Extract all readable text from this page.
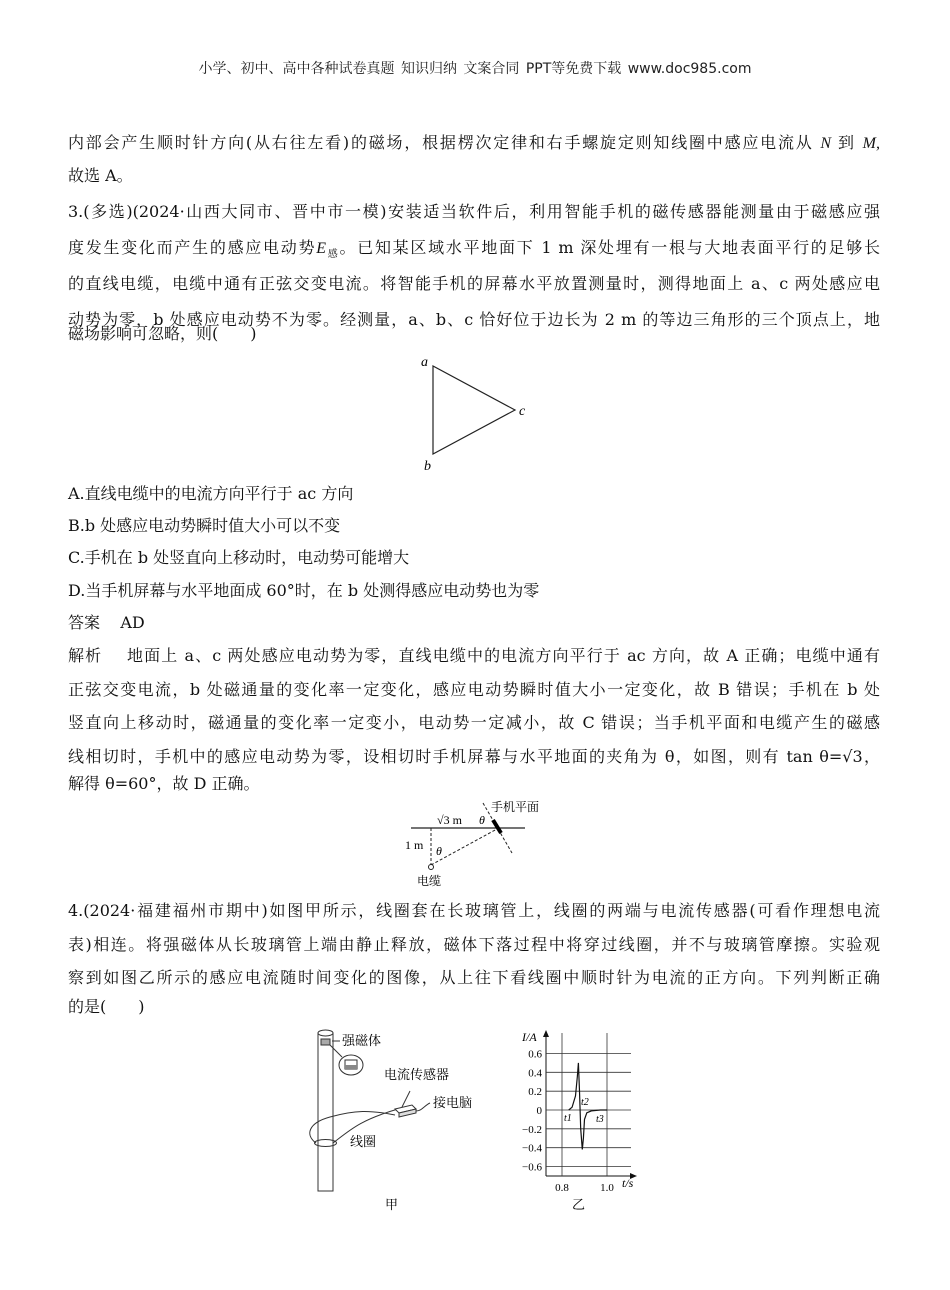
小学、初中、高中各种试卷真题 知识归纳 文案合同 PPT等免费下载 www.doc985.com
内部会产生顺时针方向(从右往左看)的磁场，根据楞次定律和右手螺旋定则知线圈中感应电流从 N 到 M,
故选 A。
3.(多选)(2024·山西大同市、晋中市一模)安装适当软件后，利用智能手机的磁传感器能测量由于磁感应强
度发生变化而产生的感应电动势$E_感$。已知某区域水平地面下 1 m 深处埋有一根与大地表面平行的足够长
的直线电缆，电缆中通有正弦交变电流。将智能手机的屏幕水平放置测量时，测得地面上 a、c 两处感应电
动势为零，b 处感应电动势不为零。经测量，a、b、c 恰好位于边长为 2 m 的等边三角形的三个顶点上，地
磁场影响可忽略，则(　　)
a
b
c
A.直线电缆中的电流方向平行于 ac 方向
B.b 处感应电动势瞬时值大小可以不变
C.手机在 b 处竖直向上移动时，电动势可能增大
D.当手机屏幕与水平地面成 60°时，在 b 处测得感应电动势也为零
答案 AD
解析 地面上 a、c 两处感应电动势为零，直线电缆中的电流方向平行于 ac 方向，故 A 正确；电缆中通有
正弦交变电流，b 处磁通量的变化率一定变化，感应电动势瞬时值大小一定变化，故 B 错误；手机在 b 处
竖直向上移动时，磁通量的变化率一定变小，电动势一定减小，故 C 错误；当手机平面和电缆产生的磁感
线相切时，手机中的感应电动势为零，设相切时手机屏幕与水平地面的夹角为 θ，如图，则有 tan θ=√3，
解得 θ=60°，故 D 正确。
√3 m θ
θ
1 m
手机平面
电缆
4.(2024·福建福州市期中)如图甲所示，线圈套在长玻璃管上，线圈的两端与电流传感器(可看作理想电流
表)相连。将强磁体从长玻璃管上端由静止释放，磁体下落过程中将穿过线圈，并不与玻璃管摩擦。实验观
察到如图乙所示的感应电流随时间变化的图像，从上往下看线圈中顺时针为电流的正方向。下列判断正确
的是(　　)
强磁体
电流传感器
接电脑
线圈
甲
0.6
0.4
0.2
0
−0.2
−0.4
−0.6
0.8	1.0
I/A
t/s
t1
t2
t3
乙
